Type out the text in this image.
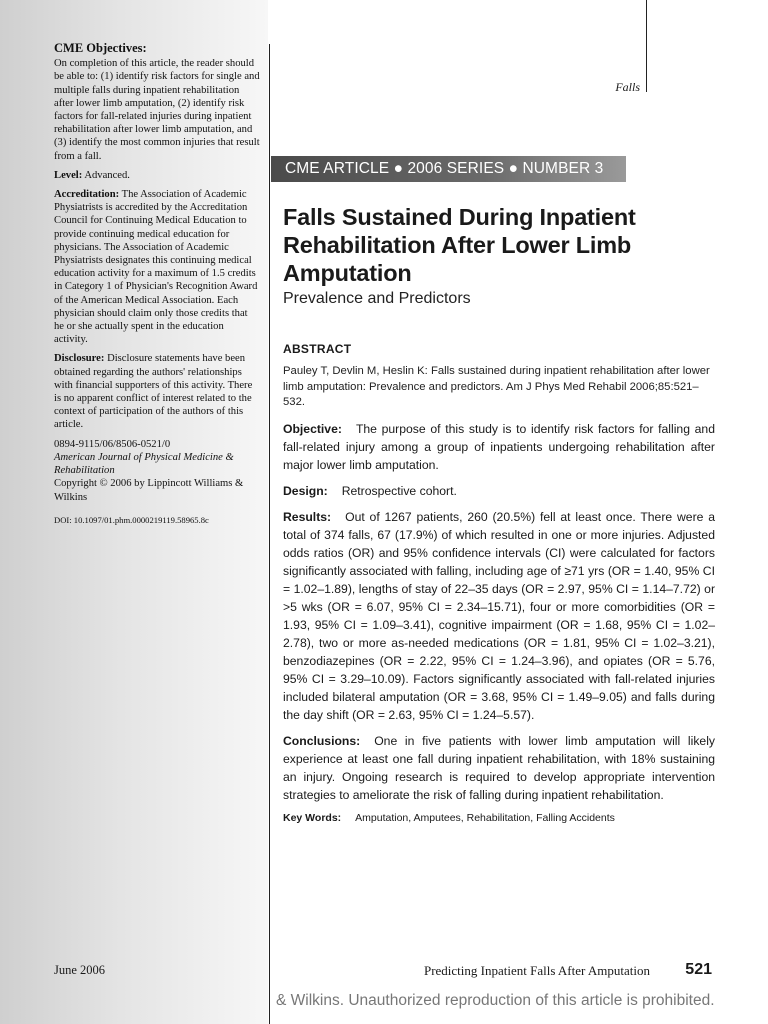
CME Objectives:

On completion of this article, the reader should be able to: (1) identify risk factors for single and multiple falls during inpatient rehabilitation after lower limb amputation, (2) identify risk factors for fall-related injuries during inpatient rehabilitation after lower limb amputation, and (3) identify the most common injuries that result from a fall.

Level: Advanced.

Accreditation: The Association of Academic Physiatrists is accredited by the Accreditation Council for Continuing Medical Education to provide continuing medical education for physicians. The Association of Academic Physiatrists designates this continuing medical education activity for a maximum of 1.5 credits in Category 1 of Physician's Recognition Award of the American Medical Association. Each physician should claim only those credits that he or she actually spent in the education activity.

Disclosure: Disclosure statements have been obtained regarding the authors' relationships with financial supporters of this activity. There is no apparent conflict of interest related to the context of participation of the authors of this article.

0894-9115/06/8506-0521/0

American Journal of Physical Medicine & Rehabilitation

Copyright © 2006 by Lippincott Williams & Wilkins

DOI: 10.1097/01.phm.0000219119.58965.8c

Falls
CME ARTICLE ● 2006 SERIES ● NUMBER 3
Falls Sustained During Inpatient Rehabilitation After Lower Limb Amputation

Prevalence and Predictors

ABSTRACT

Pauley T, Devlin M, Heslin K: Falls sustained during inpatient rehabilitation after lower limb amputation: Prevalence and predictors. Am J Phys Med Rehabil 2006;85:521–532.

Objective: The purpose of this study is to identify risk factors for falling and fall-related injury among a group of inpatients undergoing rehabilitation after major lower limb amputation.

Design: Retrospective cohort.

Results: Out of 1267 patients, 260 (20.5%) fell at least once. There were a total of 374 falls, 67 (17.9%) of which resulted in one or more injuries. Adjusted odds ratios (OR) and 95% confidence intervals (CI) were calculated for factors significantly associated with falling, including age of ≥71 yrs (OR = 1.40, 95% CI = 1.02–1.89), lengths of stay of 22–35 days (OR = 2.97, 95% CI = 1.14–7.72) or >5 wks (OR = 6.07, 95% CI = 2.34–15.71), four or more comorbidities (OR = 1.93, 95% CI = 1.09–3.41), cognitive impairment (OR = 1.68, 95% CI = 1.02–2.78), two or more as-needed medications (OR = 1.81, 95% CI = 1.02–3.21), benzodiazepines (OR = 2.22, 95% CI = 1.24–3.96), and opiates (OR = 5.76, 95% CI = 3.29–10.09). Factors significantly associated with fall-related injuries included bilateral amputation (OR = 3.68, 95% CI = 1.49–9.05) and falls during the day shift (OR = 2.63, 95% CI = 1.24–5.57).

Conclusions: One in five patients with lower limb amputation will likely experience at least one fall during inpatient rehabilitation, with 18% sustaining an injury. Ongoing research is required to develop appropriate intervention strategies to ameliorate the risk of falling during inpatient rehabilitation.

Key Words: Amputation, Amputees, Rehabilitation, Falling Accidents
June 2006	Predicting Inpatient Falls After Amputation 521
& Wilkins. Unauthorized reproduction of this article is prohibited.
